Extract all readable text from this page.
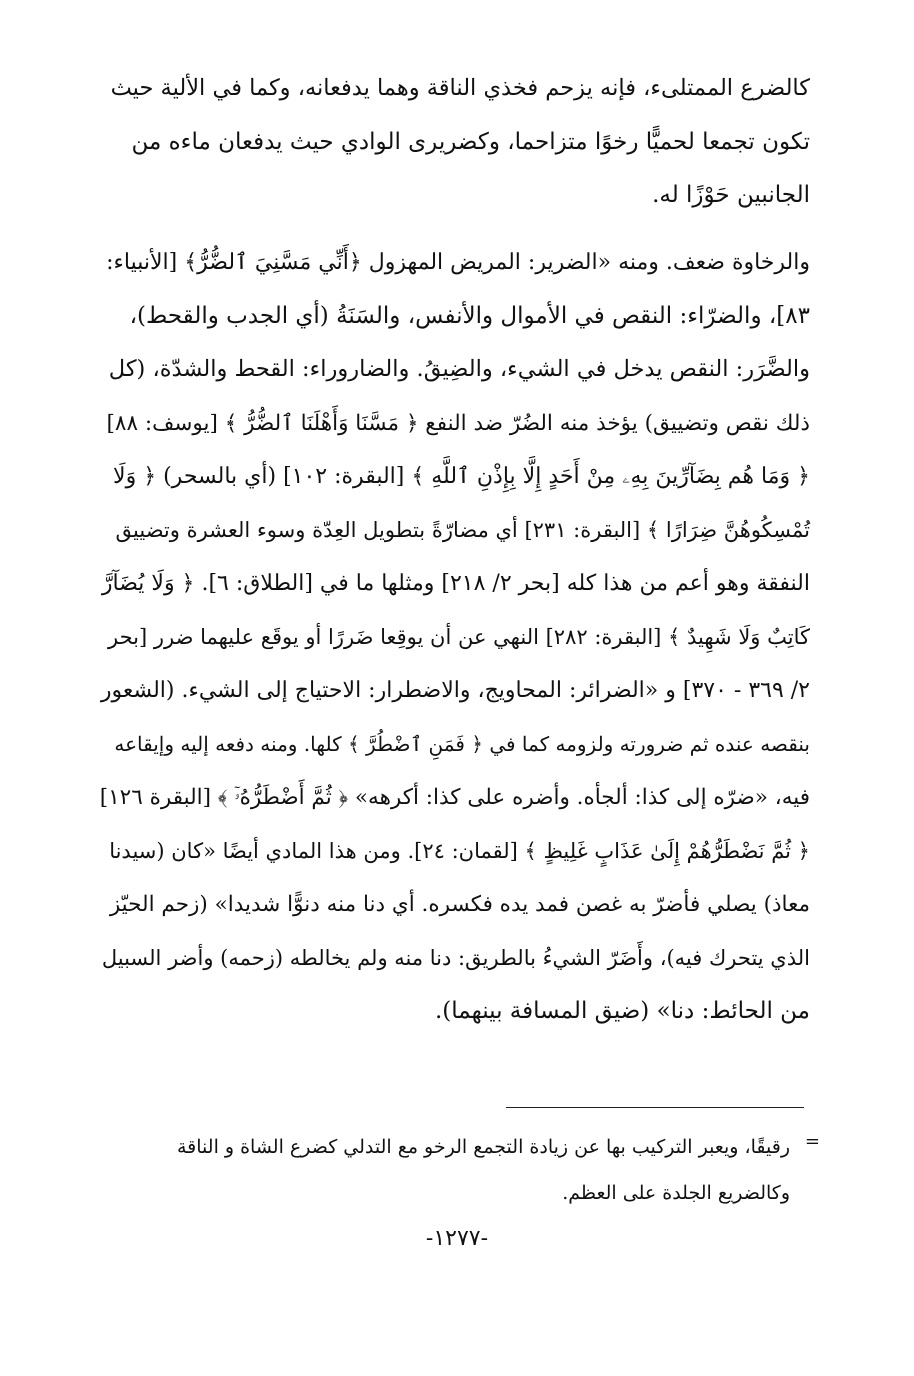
كالضرع الممتلىء، فإنه يزحم فخذي الناقة وهما يدفعانه، وكما في الألية حيث
تكون تجمعا لحميًّا رخوًا متزاحما، وكضريرى الوادي حيث يدفعان ماءه من
الجانبين حَوْزًا له.
والرخاوة ضعف. ومنه «الضرير: المريض المهزول ﴿أَنِّي مَسَّنِيَ ٱلضُّرُّ﴾ [الأنبياء:
٨٣]، والضرّاء: النقص في الأموال والأنفس، والسَنَةُ (أي الجدب والقحط)،
والضَّرَر: النقص يدخل في الشيء، والضِيقُ. والضاروراء: القحط والشدّة، (كل
ذلك نقص وتضييق) يؤخذ منه الضُرّ ضد النفع ﴿ مَسَّنَا وَأَهْلَنَا ٱلضُّرُّ ﴾ [يوسف: ٨٨]
﴿ وَمَا هُم بِضَآرِّينَ بِهِۦ مِنْ أَحَدٍ إِلَّا بِإِذْنِ ٱللَّهِ ﴾ [البقرة: ١٠٢] (أي بالسحر) ﴿ وَلَا
تُمْسِكُوهُنَّ ضِرَارًا ﴾ [البقرة: ٢٣١] أي مضارّةً بتطويل العِدّة وسوء العشرة وتضييق
النفقة وهو أعم من هذا كله [بحر ٢/ ٢١٨] ومثلها ما في [الطلاق: ٦]. ﴿ وَلَا يُضَآرَّ
كَاتِبٌ وَلَا شَهِيدٌ ﴾ [البقرة: ٢٨٢] النهي عن أن يوقِعا ضَررًا أو يوقَع عليهما ضرر [بحر
٢/ ٣٦٩ - ٣٧٠] و «الضرائر: المحاويج، والاضطرار: الاحتياج إلى الشيء. (الشعور
بنقصه عنده ثم ضرورته ولزومه كما في ﴿ فَمَنِ ٱضْطُرَّ ﴾ كلها. ومنه دفعه إليه وإيقاعه
فيه، «ضرّه إلى كذا: ألجأه. وأضره على كذا: أكرهه» ﴿ ثُمَّ أَضْطَرُّهُۥٓ ﴾ [البقرة ١٢٦]
﴿ ثُمَّ نَضْطَرُّهُمْ إِلَىٰ عَذَابٍ غَلِيظٍ ﴾ [لقمان: ٢٤]. ومن هذا المادي أيضًا «كان (سيدنا
معاذ) يصلي فأضرّ به غصن فمد يده فكسره. أي دنا منه دنوًّا شديدا» (زحم الحيّز
الذي يتحرك فيه)، وأَضَرّ الشيءُ بالطريق: دنا منه ولم يخالطه (زحمه) وأضر السبيل
من الحائط: دنا» (ضيق المسافة بينهما).
=
رقيقًا، ويعبر التركيب بها عن زيادة التجمع الرخو مع التدلي كضرع الشاة و الناقة
وكالضريع الجلدة على العظم.
-١٢٧٧-
